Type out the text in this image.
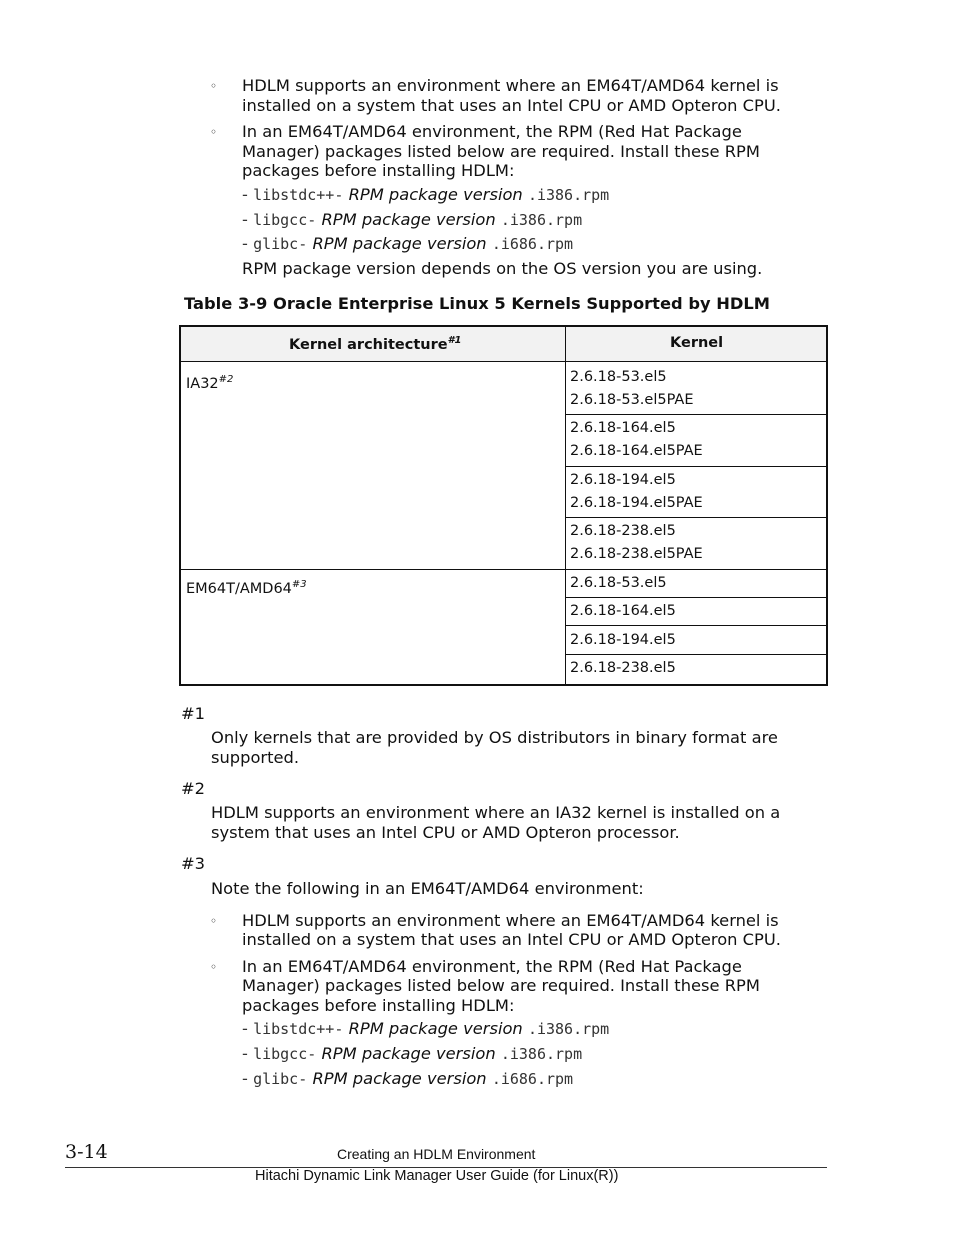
◦ HDLM supports an environment where an EM64T/AMD64 kernel is
installed on a system that uses an Intel CPU or AMD Opteron CPU.
◦ In an EM64T/AMD64 environment, the RPM (Red Hat Package
Manager) packages listed below are required. Install these RPM
packages before installing HDLM:
- libstdc++- RPM package version .i386.rpm
- libgcc- RPM package version .i386.rpm
- glibc- RPM package version .i686.rpm
RPM package version depends on the OS version you are using.
Table 3-9 Oracle Enterprise Linux 5 Kernels Supported by HDLM
Kernel architecture$^{\#1}$	Kernel
IA32$^{\#2}$	2.6.18-53.el5
2.6.18-53.el5PAE
2.6.18-164.el5
2.6.18-164.el5PAE
2.6.18-194.el5
2.6.18-194.el5PAE
2.6.18-238.el5
2.6.18-238.el5PAE
EM64T/AMD64$^{\#3}$	2.6.18-53.el5
2.6.18-164.el5
2.6.18-194.el5
2.6.18-238.el5
#1
Only kernels that are provided by OS distributors in binary format are
supported.
#2
HDLM supports an environment where an IA32 kernel is installed on a
system that uses an Intel CPU or AMD Opteron processor.
#3
Note the following in an EM64T/AMD64 environment:
◦ HDLM supports an environment where an EM64T/AMD64 kernel is
installed on a system that uses an Intel CPU or AMD Opteron CPU.
◦ In an EM64T/AMD64 environment, the RPM (Red Hat Package
Manager) packages listed below are required. Install these RPM
packages before installing HDLM:
- libstdc++- RPM package version .i386.rpm
- libgcc- RPM package version .i386.rpm
- glibc- RPM package version .i686.rpm
3-14	Creating an HDLM Environment
Hitachi Dynamic Link Manager User Guide (for Linux(R))
